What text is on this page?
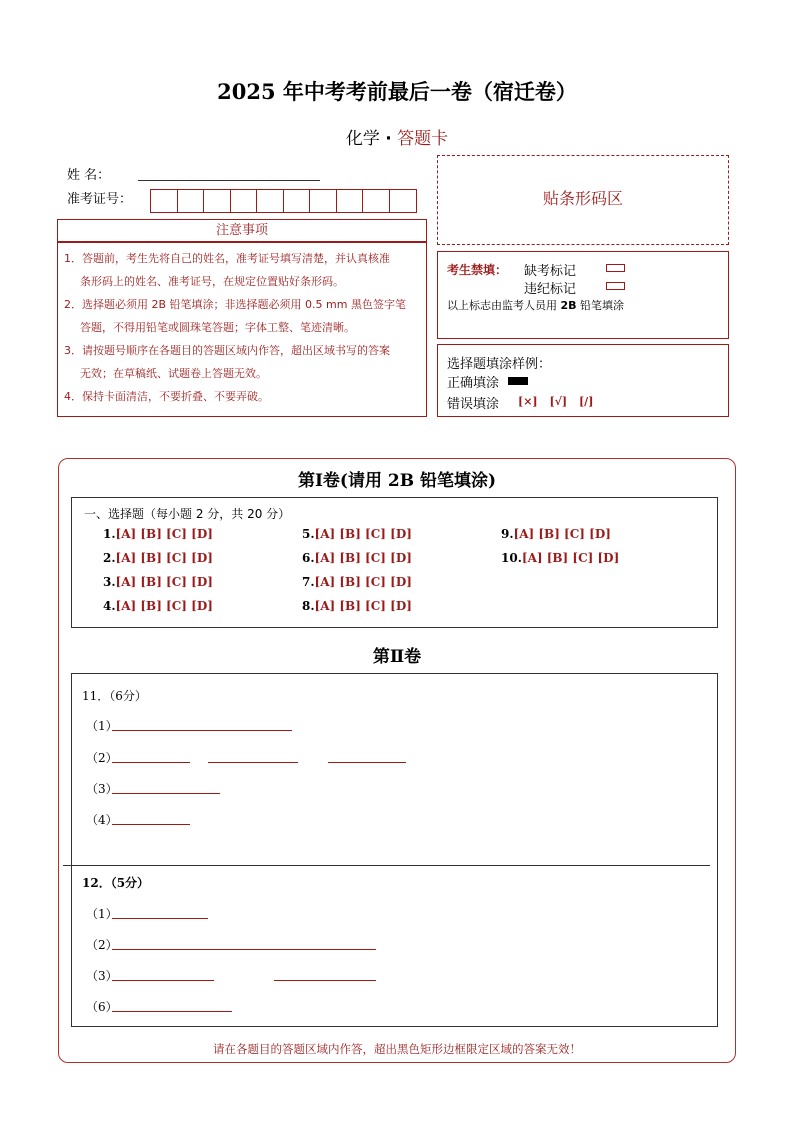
2025 年中考考前最后一卷（宿迁卷）
化学 · 答题卡
姓 名：
准考证号：
注意事项
1．答题前，考生先将自己的姓名，准考证号填写清楚，并认真核准
条形码上的姓名、准考证号，在规定位置贴好条形码。
2．选择题必须用 2B 铅笔填涂；非选择题必须用 0.5 mm 黑色签字笔
答题，不得用铅笔或圆珠笔答题；字体工整、笔迹清晰。
3．请按题号顺序在各题目的答题区域内作答，超出区域书写的答案
无效；在草稿纸、试题卷上答题无效。
4．保持卡面清洁，不要折叠、不要弄破。
贴条形码区
考生禁填： 缺考标记
违纪标记
以上标志由监考人员用 2B 铅笔填涂
选择题填涂样例：
正确填涂
错误填涂 [×] [√] [/]
第Ⅰ卷(请用 2B 铅笔填涂)
一、选择题（每小题 2 分，共 20 分）
1.[A] [B] [C] [D]
2.[A] [B] [C] [D]
3.[A] [B] [C] [D]
4.[A] [B] [C] [D]
5.[A] [B] [C] [D]
6.[A] [B] [C] [D]
7.[A] [B] [C] [D]
8.[A] [B] [C] [D]
9.[A] [B] [C] [D]
10.[A] [B] [C] [D]
第Ⅱ卷
11．（6分）
（1）
（2）
（3）
（4）
12．（5分）
（1）
（2）
（3）
（6）
请在各题目的答题区域内作答，超出黑色矩形边框限定区域的答案无效！
